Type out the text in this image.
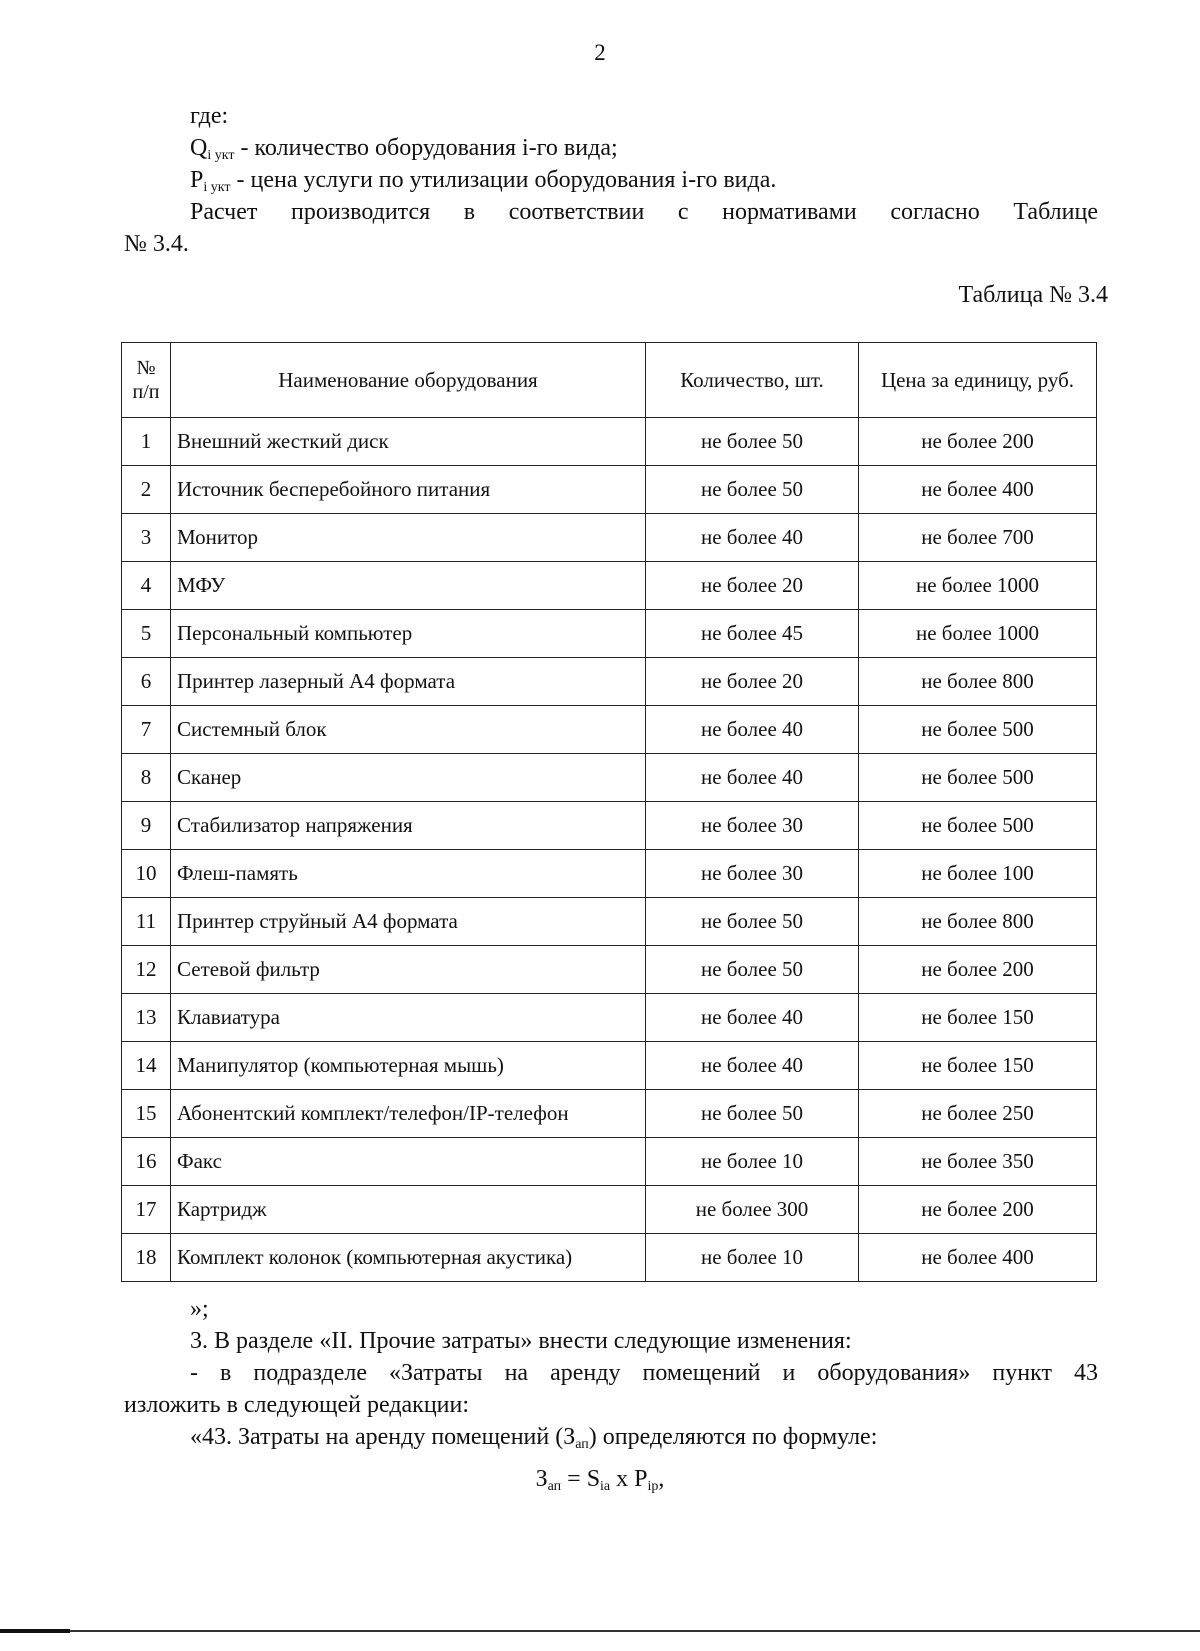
2
где:
$Q_{i укт}$ - количество оборудования i-го вида;
$P_{i укт}$ - цена услуги по утилизации оборудования i-го вида.
Расчет производится в соответствии с нормативами согласно Таблице
№ 3.4.
Таблица № 3.4
№
п/п	Наименование оборудования	Количество, шт.	Цена за единицу, руб.
1	Внешний жесткий диск	не более 50	не более 200
2	Источник бесперебойного питания	не более 50	не более 400
3	Монитор	не более 40	не более 700
4	МФУ	не более 20	не более 1000
5	Персональный компьютер	не более 45	не более 1000
6	Принтер лазерный А4 формата	не более 20	не более 800
7	Системный блок	не более 40	не более 500
8	Сканер	не более 40	не более 500
9	Стабилизатор напряжения	не более 30	не более 500
10	Флеш-память	не более 30	не более 100
11	Принтер струйный А4 формата	не более 50	не более 800
12	Сетевой фильтр	не более 50	не более 200
13	Клавиатура	не более 40	не более 150
14	Манипулятор (компьютерная мышь)	не более 40	не более 150
15	Абонентский комплект/телефон/IP-телефон	не более 50	не более 250
16	Факс	не более 10	не более 350
17	Картридж	не более 300	не более 200
18	Комплект колонок (компьютерная акустика)	не более 10	не более 400
»;
3. В разделе «II. Прочие затраты» внести следующие изменения:
- в подразделе «Затраты на аренду помещений и оборудования» пункт 43
изложить в следующей редакции:
«43. Затраты на аренду помещений $(З_{ап})$ определяются по формуле:
$З_{ап} = S_{ia}$ x $P_{ip}$,
